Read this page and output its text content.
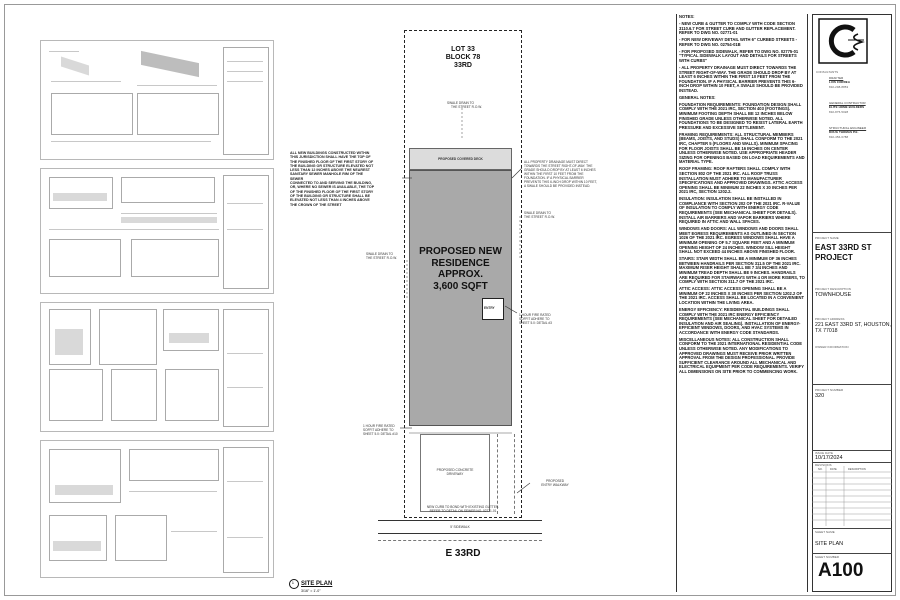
LOT 33
BLOCK 78
33RD
SWALE DRAIN TO
THE STREET R.O.W.
PROPOSED COVERED DECK
PROPOSED NEW
RESIDENCE
APPROX.
3,600 SQFT
ENTRY
PROPOSED CONCRETE
DRIVEWAY
PROPOSED
ENTRY WALKWAY
NEW CURB TO BOND WITH EXISTING GUTTER.
REFER TO DETAIL ON SEWER NO. 02771-01
5' SIDEWALK
E 33RD
ALL NEW BUILDINGS CONSTRUCTED WITHIN
THIS JURISDICTION SHALL HAVE THE TOP OF
THE FINISHED FLOOR OF THE FIRST STORY OF
THE BUILDING OR STRUCTURE ELEVATED NOT
LESS THAN 12 INCHES ABOVE THE NEAREST
SANITARY SEWER MANHOLE RIM OF THE
SEWER
CONNECTED TO AND SERVING THE BUILDING,
OR, WHERE NO SEWER IS AVAILABLE, THE TOP
OF THE FINISHED FLOOR OF THE FIRST STORY
OF THE BUILDING OR STRUCTURE SHALL BE
ELEVATED NOT LESS THAN 4 INCHES ABOVE
THE CROWN OF THE STREET
SWALE DRAIN TO
THE STREET R.O.W.
ALL PROPERTY DRAINAGE MUST DIRECT
TOWARDS THE STREET RIGHT-OF-WAY. THE
GRADE SHOULD DROP BY AT LEAST 6 INCHES
WITHIN THE FIRST 10 FEET FROM THE
FOUNDATION. IF A PHYSICAL BARRIER
PREVENTS THIS 6-INCH DROP WITHIN 10 FEET,
A SWALE SHOULD BE PROVIDED INSTEAD.
SWALE DRAIN TO
THE STREET R.O.W.
1 HOUR FIRE RATED
SOFFIT ADHERE TO
SHEET 5.0: DETAIL #3
1 HOUR FIRE RATED
SOFFIT ADHERE TO
SHEET 5.0: DETAIL #10
1 SITE PLAN
3/16" = 1'-0"

NOTES:

- NEW CURB & GUTTER TO COMPLY WITH CODE SECTION 3110.6.7 FOR STREET CURB AND GUTTER REPLACEMENT. REFER TO DWG NO. 02771-01

- FOR NEW DRIVEWAY DETAIL WITH 6" CURBED STREETS - REFER TO DWG NO. 02754-01B

- FOR PROPOSED SIDEWALK, REFER TO DWG NO. 02775-01 "TYPICAL SIDEWALK LAYOUT AND DETAILS FOR STREETS WITH CURBS"

- ALL PROPERTY DRAINAGE MUST DIRECT TOWARDS THE STREET RIGHT-OF-WAY. THE GRADE SHOULD DROP BY AT LEAST 6 INCHES WITHIN THE FIRST 10 FEET FROM THE FOUNDATION. IF A PHYSICAL BARRIER PREVENTS THIS 6-INCH DROP WITHIN 10 FEET, A SWALE SHOULD BE PROVIDED INSTEAD.

GENERAL NOTES:

FOUNDATION REQUIREMENTS: FOUNDATION DESIGN SHALL COMPLY WITH THE 2021 IRC, SECTION 403 (FOOTINGS). MINIMUM FOOTING DEPTH SHALL BE 12 INCHES BELOW FINISHED GRADE UNLESS OTHERWISE NOTED. ALL FOUNDATIONS TO BE DESIGNED TO RESIST LATERAL EARTH PRESSURE AND EXCESSIVE SETTLEMENT.

FRAMING REQUIREMENTS: ALL STRUCTURAL MEMBERS (BEAMS, JOISTS, AND STUDS) SHALL CONFORM TO THE 2021 IRC, CHAPTER 5 (FLOORS AND WALLS). MINIMUM SPACING FOR FLOOR JOISTS SHALL BE 16 INCHES ON CENTER UNLESS OTHERWISE NOTED. USE APPROPRIATE HEADER SIZING FOR OPENINGS BASED ON LOAD REQUIREMENTS AND MATERIAL TYPE.

ROOF FRAMING: ROOF RAFTERS SHALL COMPLY WITH SECTION 802 OF THE 2021 IRC. ALL ROOF TRUSS INSTALLATION MUST ADHERE TO MANUFACTURER SPECIFICATIONS AND APPROVED DRAWINGS. ATTIC ACCESS OPENING SHALL BE MINIMUM 22 INCHES X 30 INCHES PER 2021 IRC, SECTION 1202.2.

INSULATION: INSULATION SHALL BE INSTALLED IN COMPLIANCE WITH SECTION 202 OF THE 2021 IRC. R-VALUE OF INSULATION TO COMPLY WITH ENERGY CODE REQUIREMENTS (SEE MECHANICAL SHEET FOR DETAILS). INSTALL AIR BARRIERS AND VAPOR BARRIERS WHERE REQUIRED IN ATTIC AND WALL SPACES.

WINDOWS AND DOORS: ALL WINDOWS AND DOORS SHALL MEET EGRESS REQUIREMENTS AS OUTLINED IN SECTION 1026 OF THE 2021 IRC. EGRESS WINDOWS SHALL HAVE A MINIMUM OPENING OF 5.7 SQUARE FEET AND A MINIMUM OPENING HEIGHT OF 24 INCHES. WINDOW SILL HEIGHT SHALL NOT EXCEED 44 INCHES ABOVE FINISHED FLOOR.

STAIRS: STAIR WIDTH SHALL BE A MINIMUM OF 36 INCHES BETWEEN HANDRAILS PER SECTION 311.5 OF THE 2021 IRC. MAXIMUM RISER HEIGHT SHALL BE 7 3/4 INCHES AND MINIMUM TREAD DEPTH SHALL BE 9 INCHES. HANDRAILS ARE REQUIRED FOR STAIRWAYS WITH 4 OR MORE RISERS, TO COMPLY WITH SECTION 311.7 OF THE 2021 IRC.

ATTIC ACCESS: ATTIC ACCESS OPENING SHALL BE A MINIMUM OF 22 INCHES X 30 INCHES PER SECTION 1202.2 OF THE 2021 IRC. ACCESS SHALL BE LOCATED IN A CONVENIENT LOCATION WITHIN THE LIVING AREA.

ENERGY EFFICIENCY: RESIDENTIAL BUILDINGS SHALL COMPLY WITH THE 2021 IRC ENERGY EFFICIENCY REQUIREMENTS (SEE MECHANICAL SHEET FOR DETAILED INSULATION AND AIR SEALING). INSTALLATION OF ENERGY-EFFICIENT WINDOWS, DOORS, AND HVAC SYSTEMS IN ACCORDANCE WITH ENERGY CODE STANDARDS.

MISCELLANEOUS NOTES: ALL CONSTRUCTION SHALL CONFORM TO THE 2021 INTERNATIONAL RESIDENTIAL CODE UNLESS OTHERWISE NOTED. ANY MODIFICATIONS TO APPROVED DRAWINGS MUST RECEIVE PRIOR WRITTEN APPROVAL FROM THE DESIGN PROFESSIONAL. PROVIDE SUFFICIENT CLEARANCE AROUND ALL MECHANICAL AND ELECTRICAL EQUIPMENT PER CODE REQUIREMENTS. VERIFY ALL DIMENSIONS ON SITE PRIOR TO COMMENCING WORK.

CONSULTANTS
DRAFTER
LUIS CORREA
832-298-8853
GENERAL CONTRACTOR
ELITE HOME BUILDERS
832-875-5028
STRUCTURAL ENGINEER
DOUG THOMAS P.E.
832-456-6788
PROJECT NAME
EAST 33RD ST
PROJECT
PROJECT DESCRIPTION
TOWNHOUSE
PROJECT ADDRESS
221 EAST 33RD ST, HOUSTON,
TX 77018
OWNER INFORMATION
PROJECT NUMBER
320
ISSUE DATE
10/17/2024
REVISIONS
NO.	DATE	DESCRIPTION
SHEET NAME
SITE PLAN
SHEET NUMBER
A100
